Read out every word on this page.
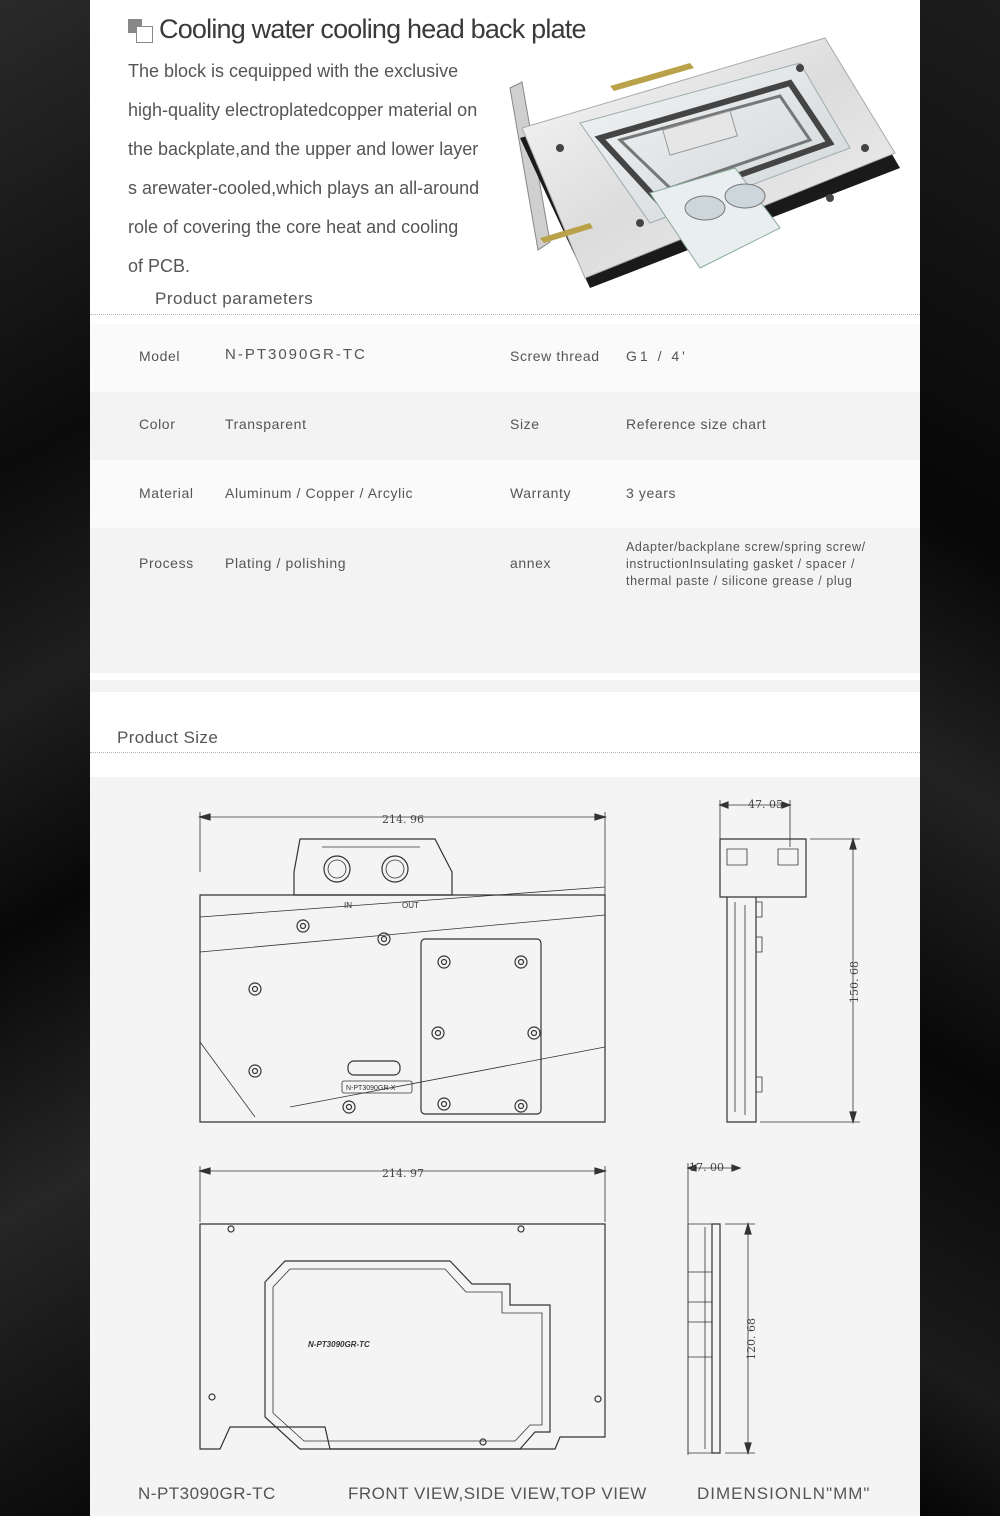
Cooling water cooling head back plate

The block is cequipped with the exclusive

high-quality electroplatedcopper material on

the backplate,and the upper and lower layer

s arewater-cooled,which plays an all-around

role of covering the core heat and cooling

of PCB.

Product parameters
Model	N-PT3090GR-TC	Screw thread G1 / 4'
Color	Transparent	Size	Reference size chart
Material Aluminum / Copper / Arcylic	Warranty	3 years
Process Plating / polishing	annex
Adapter/backplane screw/spring screw/
instructionInsulating gasket / spacer /
thermal paste / silicone grease / plug
Product Size
214. 96
IN	OUT
N-PT3090GR-X
47. 05
150. 68
214. 97
N-PT3090GR-TC
17. 00
120. 68
N-PT3090GR-TC	FRONT VIEW,SIDE VIEW,TOP VIEW	DIMENSIONLN"MM"
